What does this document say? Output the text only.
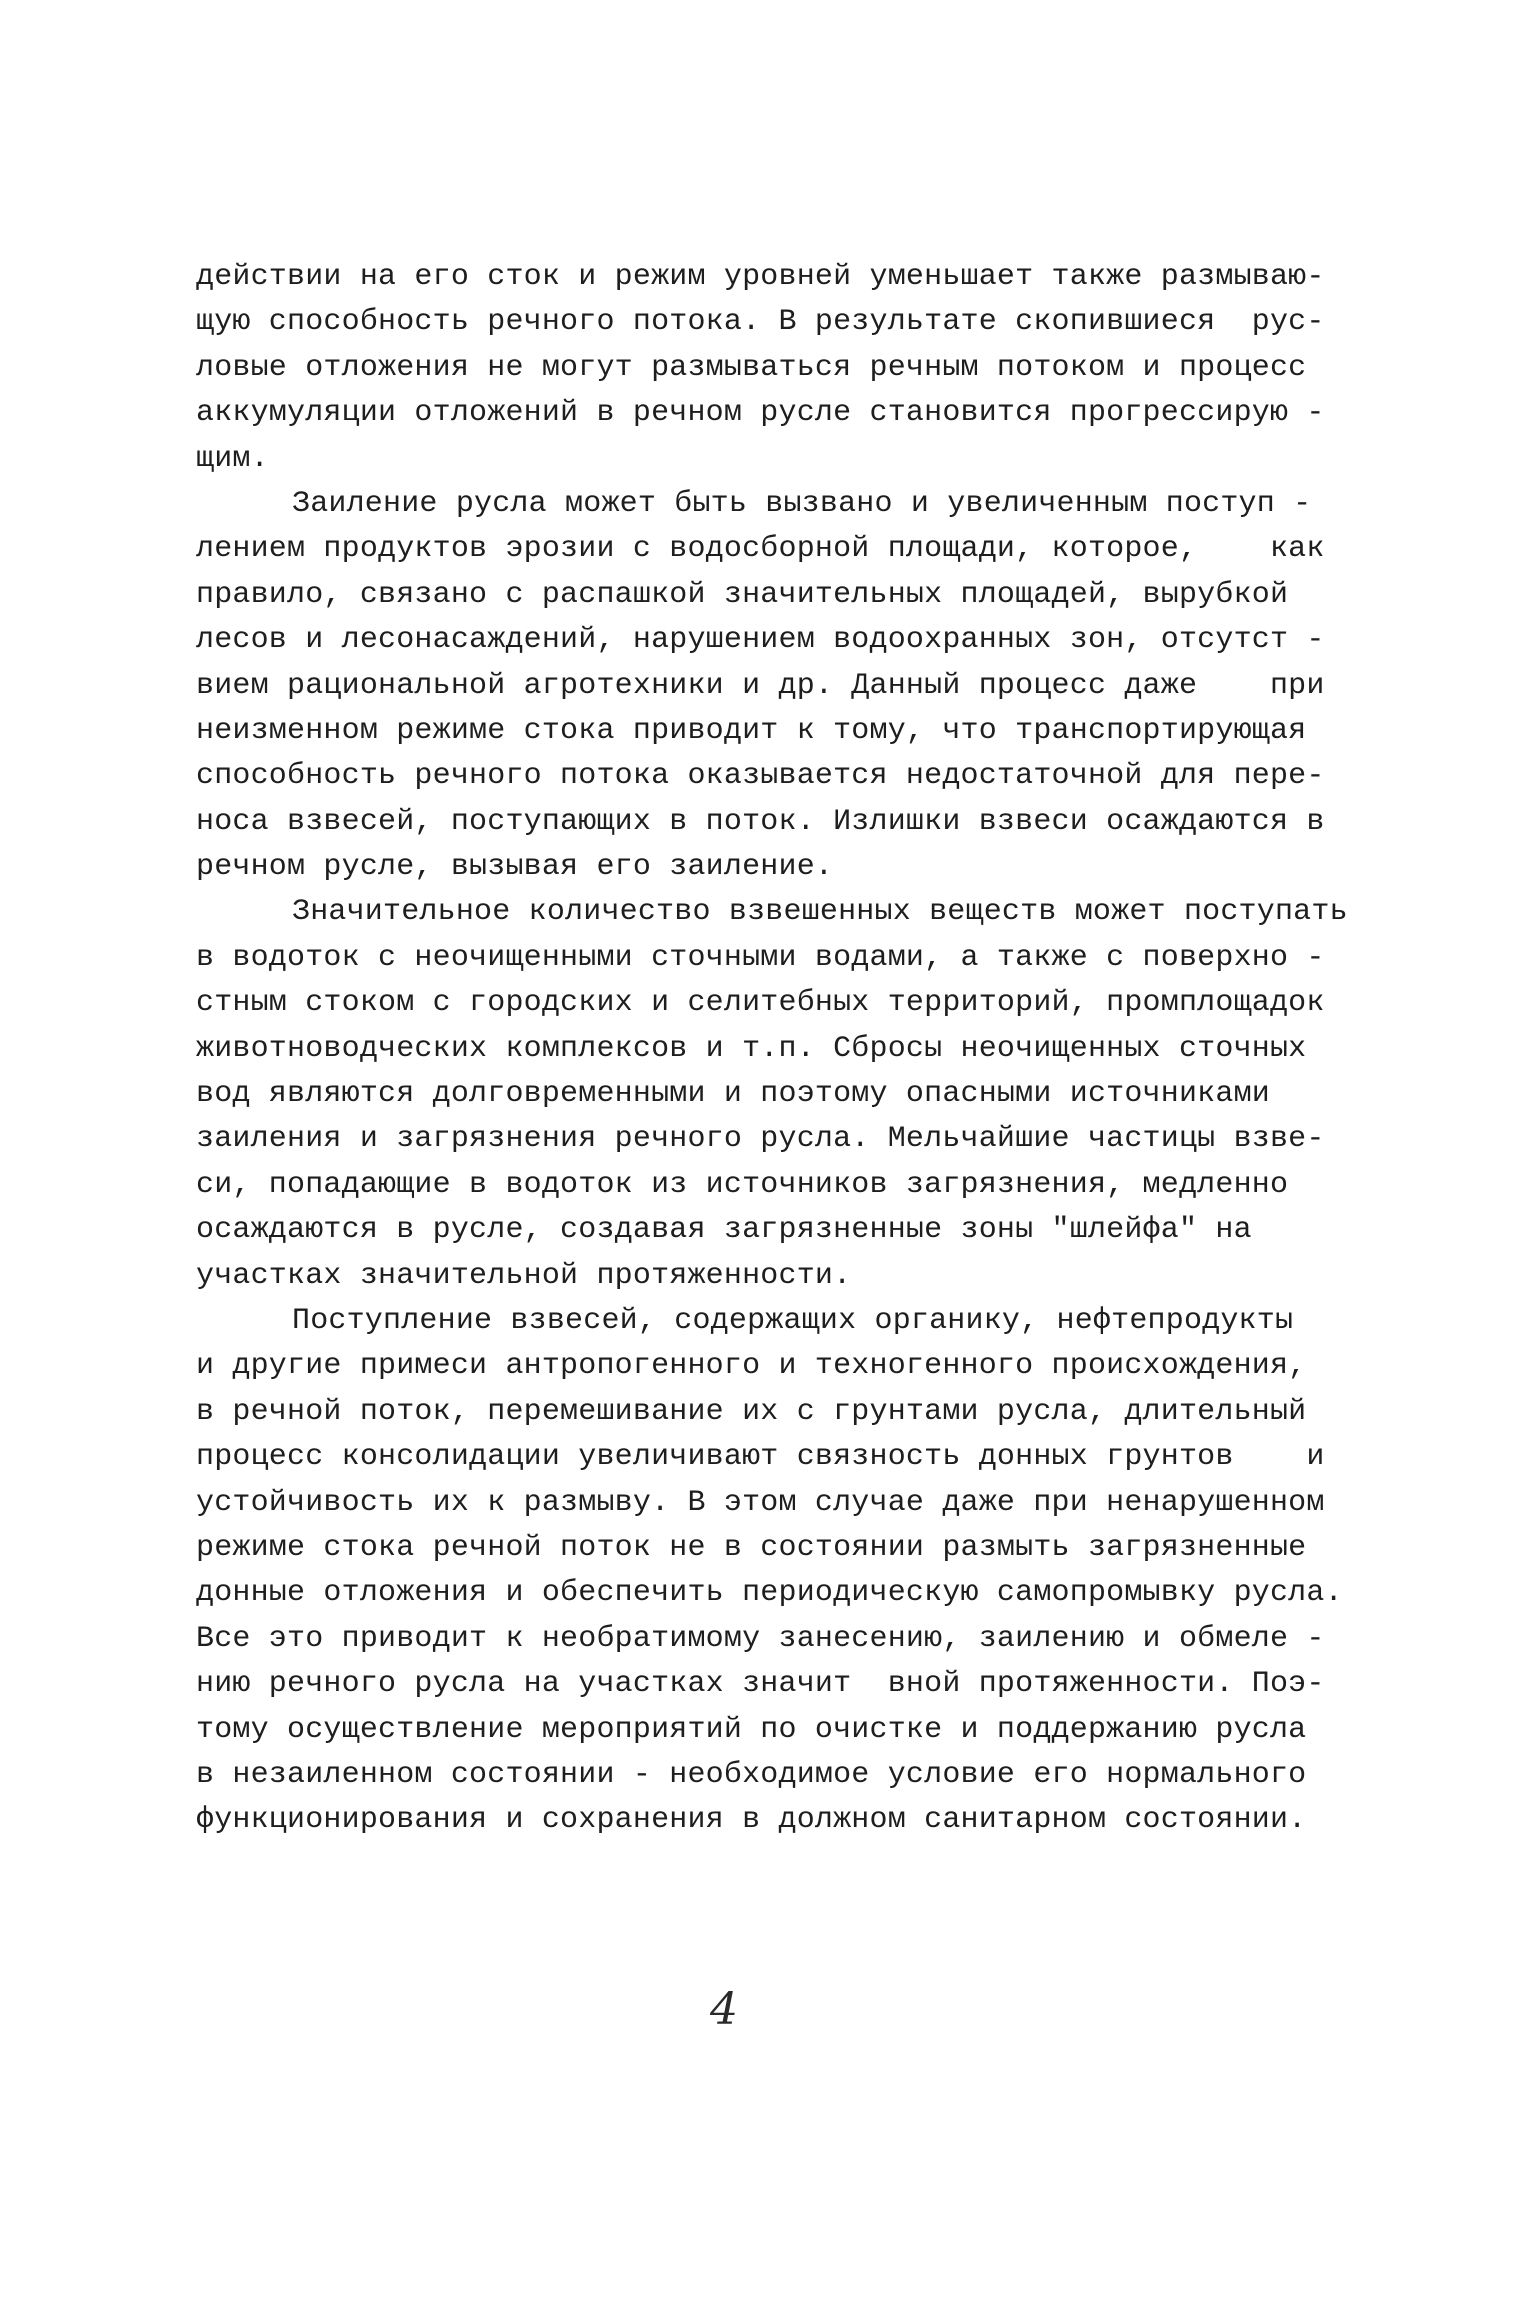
действии на его сток и режим уровней уменьшает также размываю-
щую способность речного потока. В результате скопившиеся  рус-
ловые отложения не могут размываться речным потоком и процесс
аккумуляции отложений в речном русле становится прогрессирую -
щим.
Заиление русла может быть вызвано и увеличенным поступ -
лением продуктов эрозии с водосборной площади, которое,    как
правило, связано с распашкой значительных площадей, вырубкой
лесов и лесонасаждений, нарушением водоохранных зон, отсутст -
вием рациональной агротехники и др. Данный процесс даже    при
неизменном режиме стока приводит к тому, что транспортирующая
способность речного потока оказывается недостаточной для пере-
носа взвесей, поступающих в поток. Излишки взвеси осаждаются в
речном русле, вызывая его заиление.
Значительное количество взвешенных веществ может поступать
в водоток с неочищенными сточными водами, а также с поверхно -
стным стоком с городских и селитебных территорий, промплощадок
животноводческих комплексов и т.п. Сбросы неочищенных сточных
вод являются долговременными и поэтому опасными источниками
заиления и загрязнения речного русла. Мельчайшие частицы взве-
си, попадающие в водоток из источников загрязнения, медленно
осаждаются в русле, создавая загрязненные зоны "шлейфа" на
участках значительной протяженности.
Поступление взвесей, содержащих органику, нефтепродукты
и другие примеси антропогенного и техногенного происхождения,
в речной поток, перемешивание их с грунтами русла, длительный
процесс консолидации увеличивают связность донных грунтов    и
устойчивость их к размыву. В этом случае даже при ненарушенном
режиме стока речной поток не в состоянии размыть загрязненные
донные отложения и обеспечить периодическую самопромывку русла.
Все это приводит к необратимому занесению, заилению и обмеле -
нию речного русла на участках значит  вной протяженности. Поэ-
тому осуществление мероприятий по очистке и поддержанию русла
в незаиленном состоянии - необходимое условие его нормального
функционирования и сохранения в должном санитарном состоянии.
4
